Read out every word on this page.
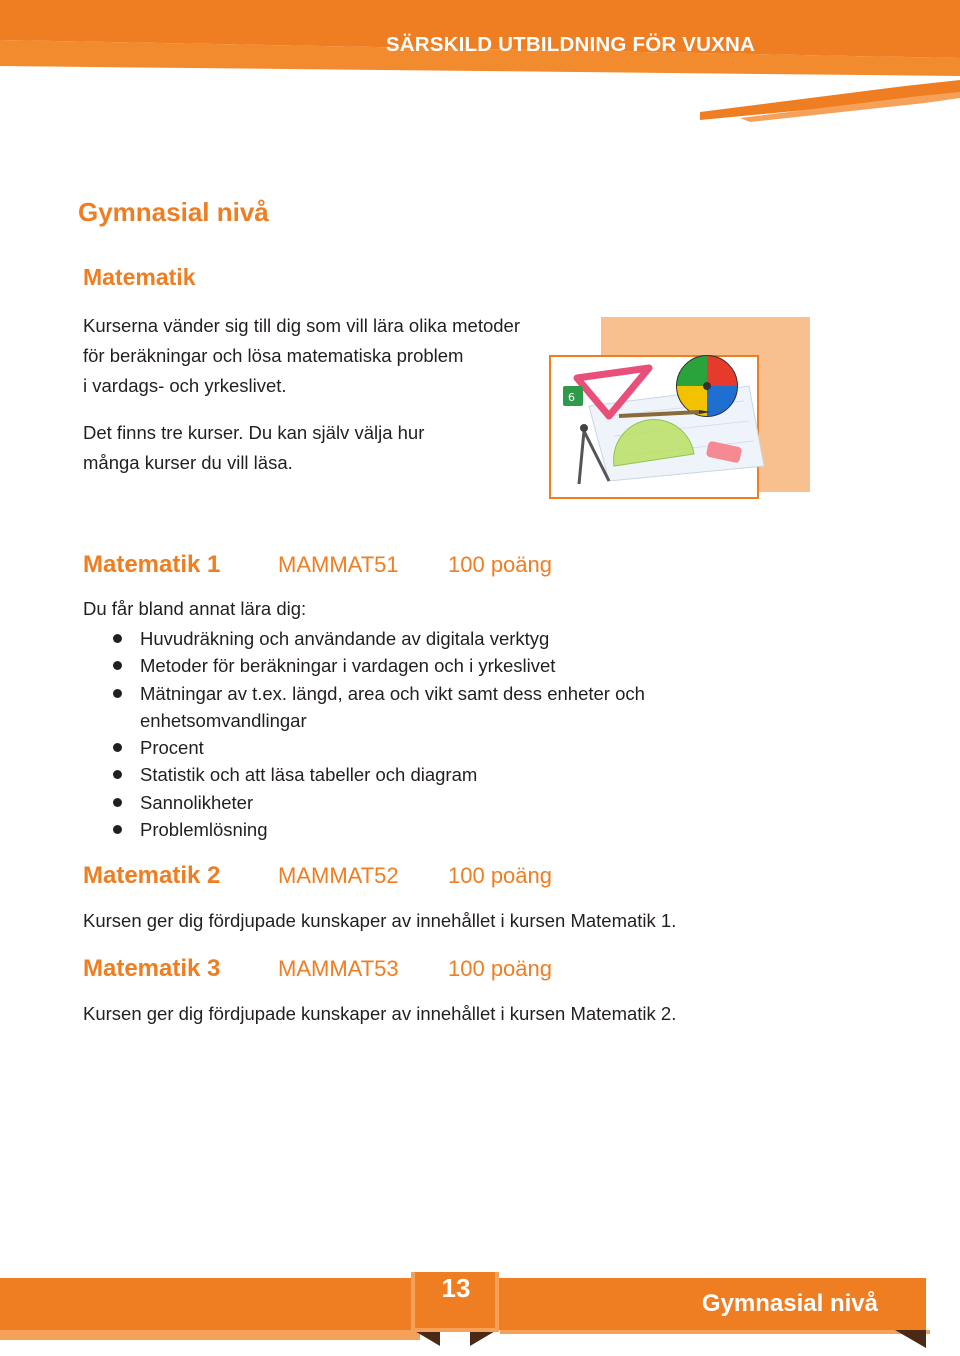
SÄRSKILD UTBILDNING FÖR VUXNA
Gymnasial nivå
Matematik

Kurserna vänder sig till dig som vill lära olika metoder

för beräkningar och lösa matematiska problem

i vardags- och yrkeslivet.

Det finns tre kurser. Du kan själv välja hur

många kurser du vill läsa.

6
Matematik 1	MAMMAT51 100 poäng
Du får bland annat lära dig:
Huvudräkning och användande av digitala verktyg
Metoder för beräkningar i vardagen och i yrkeslivet
Mätningar av t.ex. längd, area och vikt samt dess enheter och enhetsomvandlingar
Procent
Statistik och att läsa tabeller och diagram
Sannolikheter
Problemlösning
Matematik 2	MAMMAT52 100 poäng
Kursen ger dig fördjupade kunskaper av innehållet i kursen Matematik 1.
Matematik 3	MAMMAT53 100 poäng
Kursen ger dig fördjupade kunskaper av innehållet i kursen Matematik 2.
13
Gymnasial nivå
